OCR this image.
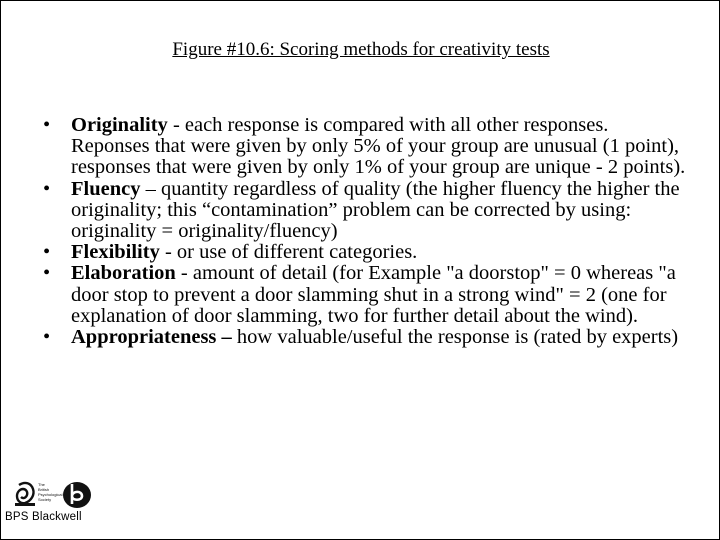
Figure #10.6: Scoring methods for creativity tests
• Originality - each response is compared with all other responses. Reponses that were given by only 5% of your group are unusual (1 point), responses that were given by only 1% of your group are unique - 2 points).
• Fluency – quantity regardless of quality (the higher fluency the higher the originality; this “contamination” problem can be corrected by using: originality = originality/fluency)
• Flexibility - or use of different categories.
• Elaboration - amount of detail (for Example "a doorstop" = 0 whereas "a door stop to prevent a door slamming shut in a strong wind" = 2 (one for explanation of door slamming, two for further detail about the wind).
• Appropriateness – how valuable/useful the response is (rated by experts)
The
British
Psychological
Society
BPS Blackwell
